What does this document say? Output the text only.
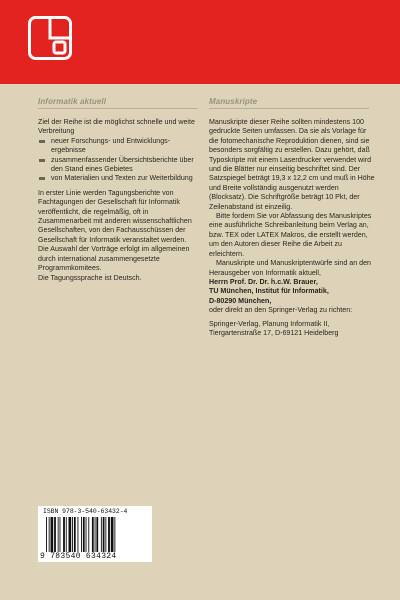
Informatik aktuell	Manuskripte

Ziel der Reihe ist die möglichst schnelle und weite Verbreitung

neuer Forschungs- und Entwicklungs-ergebnisse
zusammenfassender Übersichtsberichte über den Stand eines Gebietes
von Materialien und Texten zur Weiterbildung

In erster Linie werden Tagungsberichte von Fachtagungen der Gesellschaft für Informatik veröffentlicht, die regelmäßig, oft in Zusammenarbeit mit anderen wissenschaftlichen Gesellschaften, von den Fachausschüssen der Gesellschaft für Informatik veranstaltet werden.

Die Auswahl der Vorträge erfolgt im allgemeinen durch international zusammengesetzte Programmkomitees.

Die Tagungssprache ist Deutsch.

Manuskripte dieser Reihe sollten mindestens 100 gedruckte Seiten umfassen. Da sie als Vorlage für die fotomechanische Reproduktion dienen, sind sie besonders sorgfältig zu erstellen. Dazu gehört, daß Typoskripte mit einem Laserdrucker verwendet wird und die Blätter nur einseitig beschriftet sind. Der Satzspiegel beträgt 19,3 x 12,2 cm und muß in Höhe und Breite vollständig ausgenutzt werden (Blocksatz). Die Schriftgröße beträgt 10 Pkt, der Zeilenabstand ist einzeilig.

Bitte fordern Sie vor Abfassung des Manuskriptes eine ausführliche Schreibanleitung beim Verlag an, bzw. TEX oder LATEX Makros, die erstellt werden, um den Autoren dieser Reihe die Arbeit zu erleichtern.

Manuskripte und Manuskriptentwürfe sind an den Herausgeber von Informatik aktuell,

Herrn Prof. Dr. Dr. h.c.W. Brauer,

TU München, Institut für Informatik,

D-80290 München,

oder direkt an den Springer-Verlag zu richten:

Springer-Verlag, Planung Informatik II,

Tiergartenstraße 17, D-69121 Heidelberg

ISBN 978-3-540-63432-4
9 783540 634324
